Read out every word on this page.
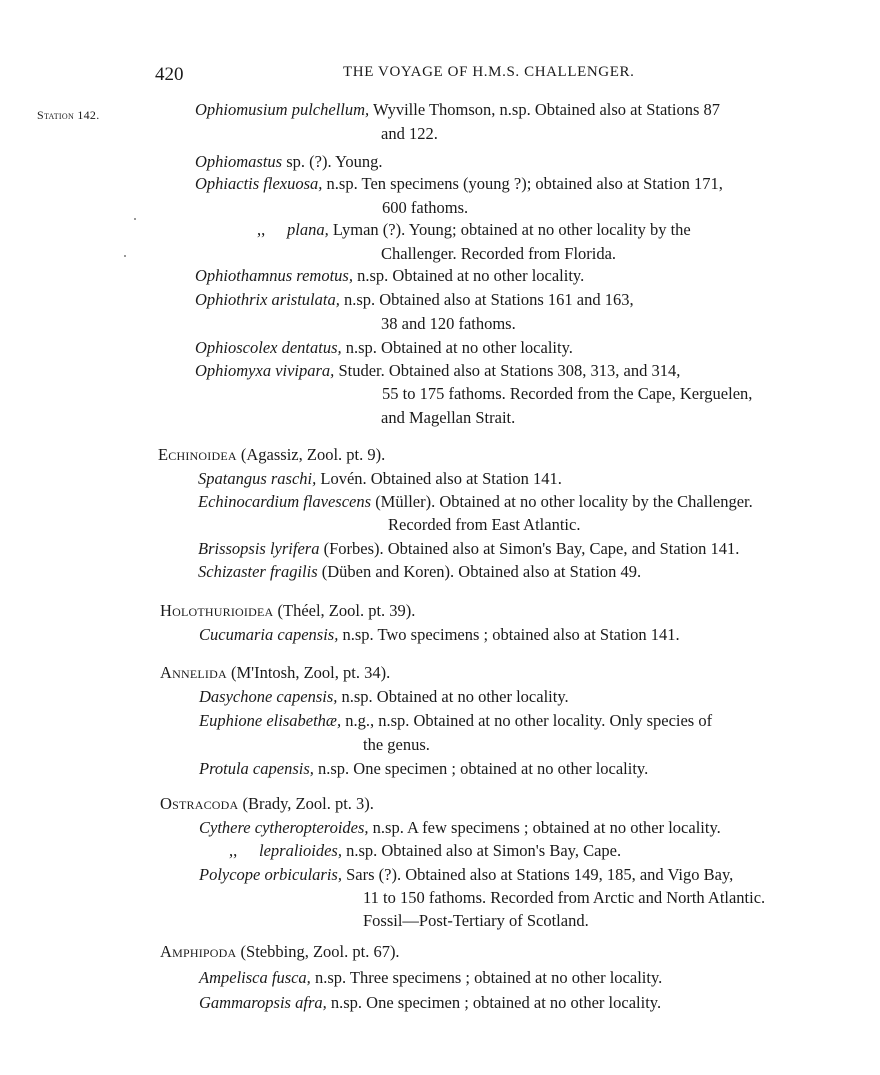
420	THE VOYAGE OF H.M.S. CHALLENGER.
Station 142.	Ophiomusium pulchellum, Wyville Thomson, n.sp. Obtained also at Stations 87
and 122.
Ophiomastus sp. (?). Young.
Ophiactis flexuosa, n.sp. Ten specimens (young ?); obtained also at Station 171,
600 fathoms.
,, plana, Lyman (?). Young; obtained at no other locality by the
Challenger. Recorded from Florida.
Ophiothamnus remotus, n.sp. Obtained at no other locality.
Ophiothrix aristulata, n.sp. Obtained also at Stations 161 and 163,
38 and 120 fathoms.
Ophioscolex dentatus, n.sp. Obtained at no other locality.
Ophiomyxa vivipara, Studer. Obtained also at Stations 308, 313, and 314,
55 to 175 fathoms. Recorded from the Cape, Kerguelen,
and Magellan Strait.
Echinoidea (Agassiz, Zool. pt. 9).
Spatangus raschi, Lovén. Obtained also at Station 141.
Echinocardium flavescens (Müller). Obtained at no other locality by the Challenger.
Recorded from East Atlantic.
Brissopsis lyrifera (Forbes). Obtained also at Simon's Bay, Cape, and Station 141.
Schizaster fragilis (Düben and Koren). Obtained also at Station 49.
Holothurioidea (Théel, Zool. pt. 39).
Cucumaria capensis, n.sp. Two specimens ; obtained also at Station 141.
Annelida (M'Intosh, Zool, pt. 34).
Dasychone capensis, n.sp. Obtained at no other locality.
Euphione elisabethæ, n.g., n.sp. Obtained at no other locality. Only species of
the genus.
Protula capensis, n.sp. One specimen ; obtained at no other locality.
Ostracoda (Brady, Zool. pt. 3).
Cythere cytheropteroides, n.sp. A few specimens ; obtained at no other locality.
,, lepralioides, n.sp. Obtained also at Simon's Bay, Cape.
Polycope orbicularis, Sars (?). Obtained also at Stations 149, 185, and Vigo Bay,
11 to 150 fathoms. Recorded from Arctic and North Atlantic.
Fossil—Post-Tertiary of Scotland.
Amphipoda (Stebbing, Zool. pt. 67).
Ampelisca fusca, n.sp. Three specimens ; obtained at no other locality.
Gammaropsis afra, n.sp. One specimen ; obtained at no other locality.
